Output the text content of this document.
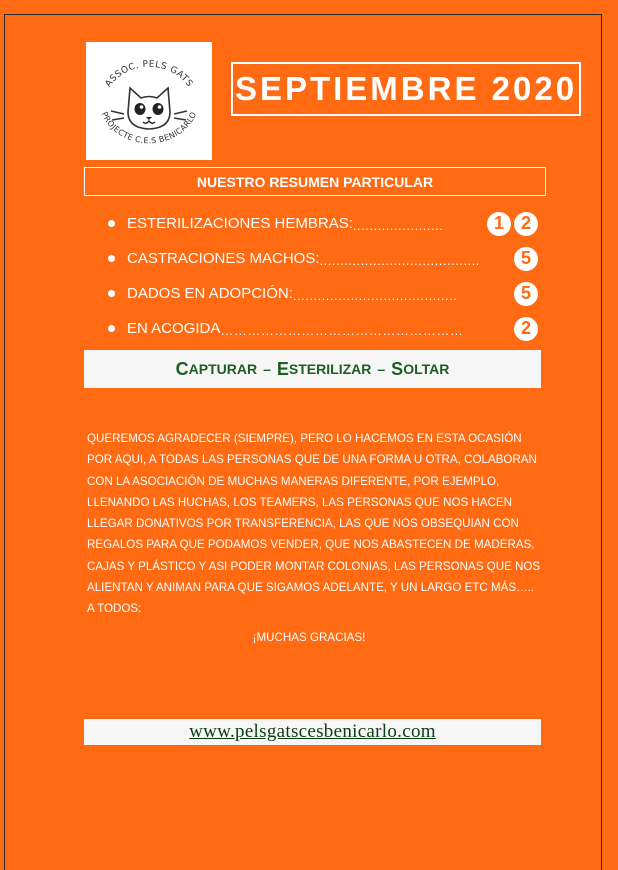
ASSOC. PELS GATS
PROJECTE C.E.S BENICARLO
SEPTIEMBRE 2020
NUESTRO RESUMEN PARTICULAR
ESTERILIZACIONES HEMBRAS: ......................	1 2
CASTRACIONES MACHOS: .......................................	5
DADOS EN ADOPCIÓN: ........................................	5
EN ACOGIDA ………………………………………………	2
C APTURAR – E STERILIZAR – S OLTAR

QUEREMOS AGRADECER (SIEMPRE), PERO LO HACEMOS EN ESTA OCASIÓN POR AQUI, A TODAS LAS PERSONAS QUE DE UNA FORMA U OTRA, COLABORAN CON LA ASOCIACIÓN DE MUCHAS MANERAS DIFERENTE, POR EJEMPLO, LLENANDO LAS HUCHAS, LOS TEAMERS, LAS PERSONAS QUE NOS HACEN LLEGAR DONATIVOS POR TRANSFERENCIA, LAS QUE NOS OBSEQUIAN CON REGALOS PARA QUE PODAMOS VENDER, QUE NOS ABASTECEN DE MADERAS, CAJAS Y PLÁSTICO Y ASI PODER MONTAR COLONIAS, LAS PERSONAS QUE NOS ALIENTAN Y ANIMAN PARA QUE SIGAMOS ADELANTE, Y UN LARGO ETC MÁS….. A TODOS:

¡MUCHAS GRACIAS!
www.pelsgatscesbenicarlo.com
